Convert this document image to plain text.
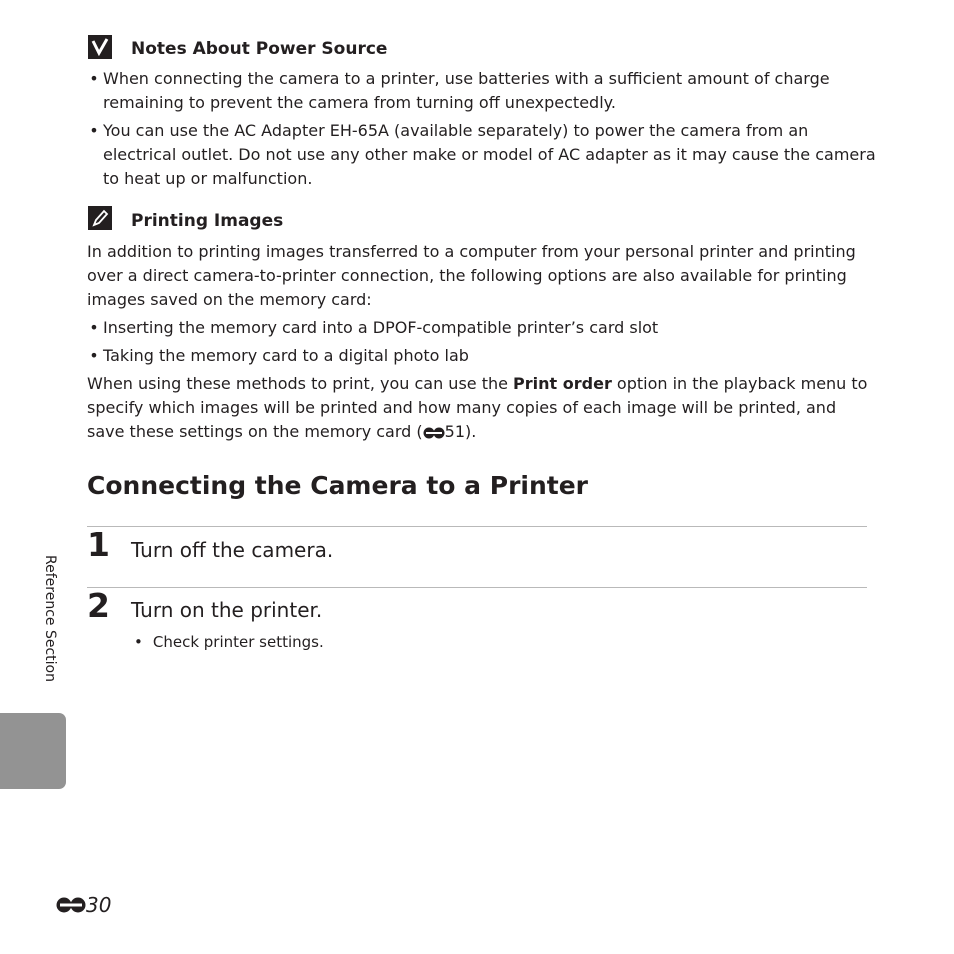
Notes About Power Source
• When connecting the camera to a printer, use batteries with a sufficient amount of charge remaining to prevent the camera from turning off unexpectedly.
• You can use the AC Adapter EH-65A (available separately) to power the camera from an electrical outlet. Do not use any other make or model of AC adapter as it may cause the camera to heat up or malfunction.
Printing Images
In addition to printing images transferred to a computer from your personal printer and printing over a direct camera-to-printer connection, the following options are also available for printing images saved on the memory card:
• Inserting the memory card into a DPOF-compatible printer’s card slot
• Taking the memory card to a digital photo lab
When using these methods to print, you can use the Print order option in the playback menu to specify which images will be printed and how many copies of each image will be printed, and save these settings on the memory card ( 51).
Connecting the Camera to a Printer
1 Turn off the camera.
2 Turn on the printer.
• Check printer settings.
Reference Section
30
